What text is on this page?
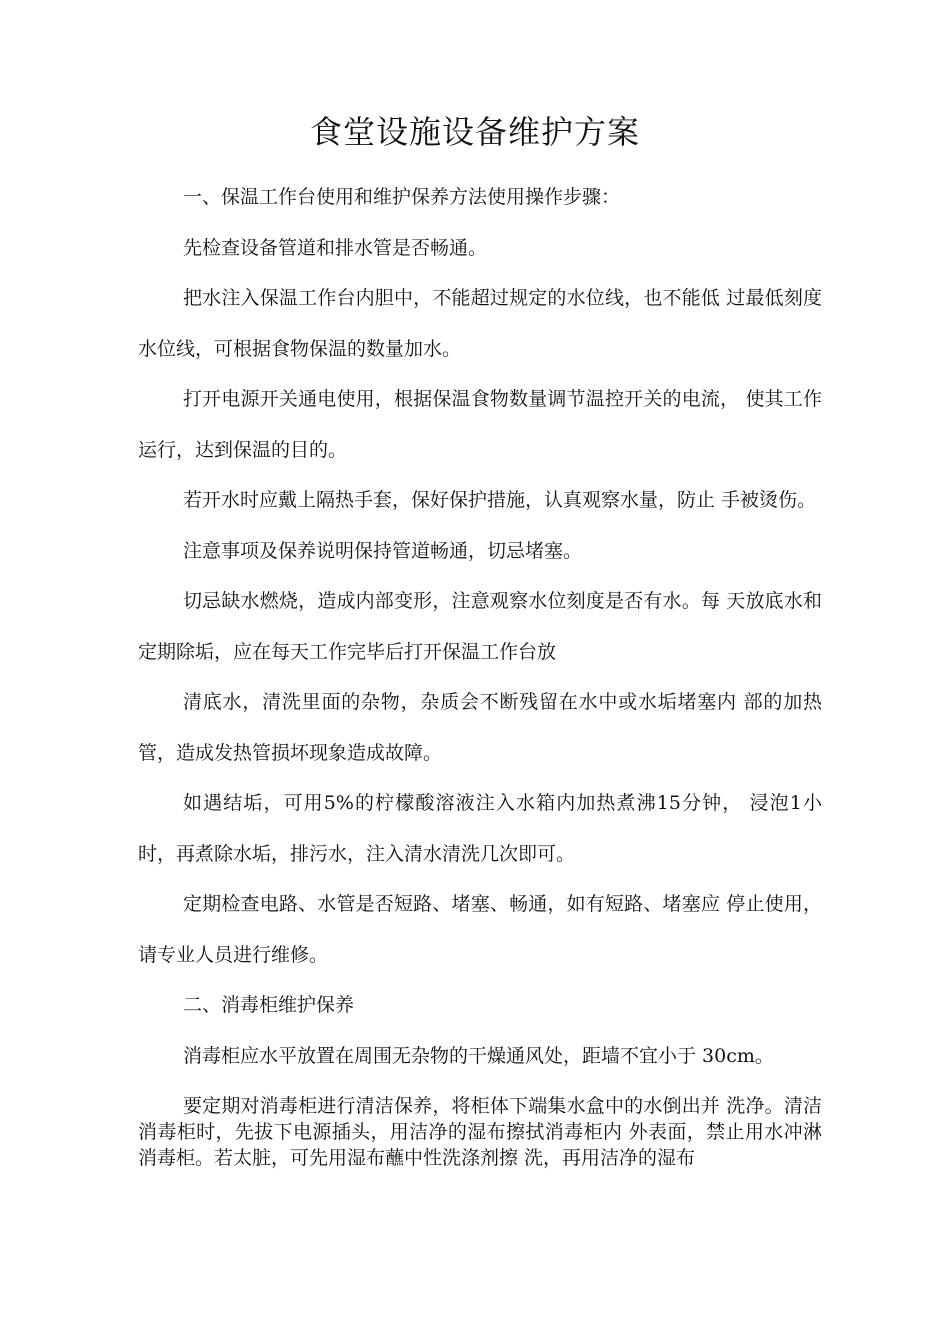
食堂设施设备维护方案

一、保温工作台使用和维护保养方法使用操作步骤：

先检查设备管道和排水管是否畅通。

把水注入保温工作台内胆中，不能超过规定的水位线，也不能低 过最低刻度水位线，可根据食物保温的数量加水。

打开电源开关通电使用，根据保温食物数量调节温控开关的电流， 使其工作运行，达到保温的目的。

若开水时应戴上隔热手套，保好保护措施，认真观察水量，防止 手被烫伤。

注意事项及保养说明保持管道畅通，切忌堵塞。

切忌缺水燃烧，造成内部变形，注意观察水位刻度是否有水。每 天放底水和定期除垢，应在每天工作完毕后打开保温工作台放

清底水，清洗里面的杂物，杂质会不断残留在水中或水垢堵塞内 部的加热管，造成发热管损坏现象造成故障。

如遇结垢，可用5%的柠檬酸溶液注入水箱内加热煮沸15分钟， 浸泡1小时，再煮除水垢，排污水，注入清水清洗几次即可。

定期检查电路、水管是否短路、堵塞、畅通，如有短路、堵塞应 停止使用，请专业人员进行维修。

二、消毒柜维护保养

消毒柜应水平放置在周围无杂物的干燥通风处，距墙不宜小于 30cm。

要定期对消毒柜进行清洁保养，将柜体下端集水盒中的水倒出并 洗净。清洁消毒柜时，先拔下电源插头，用洁净的湿布擦拭消毒柜内 外表面，禁止用水冲淋消毒柜。若太脏，可先用湿布蘸中性洗涤剂擦 洗，再用洁净的湿布
